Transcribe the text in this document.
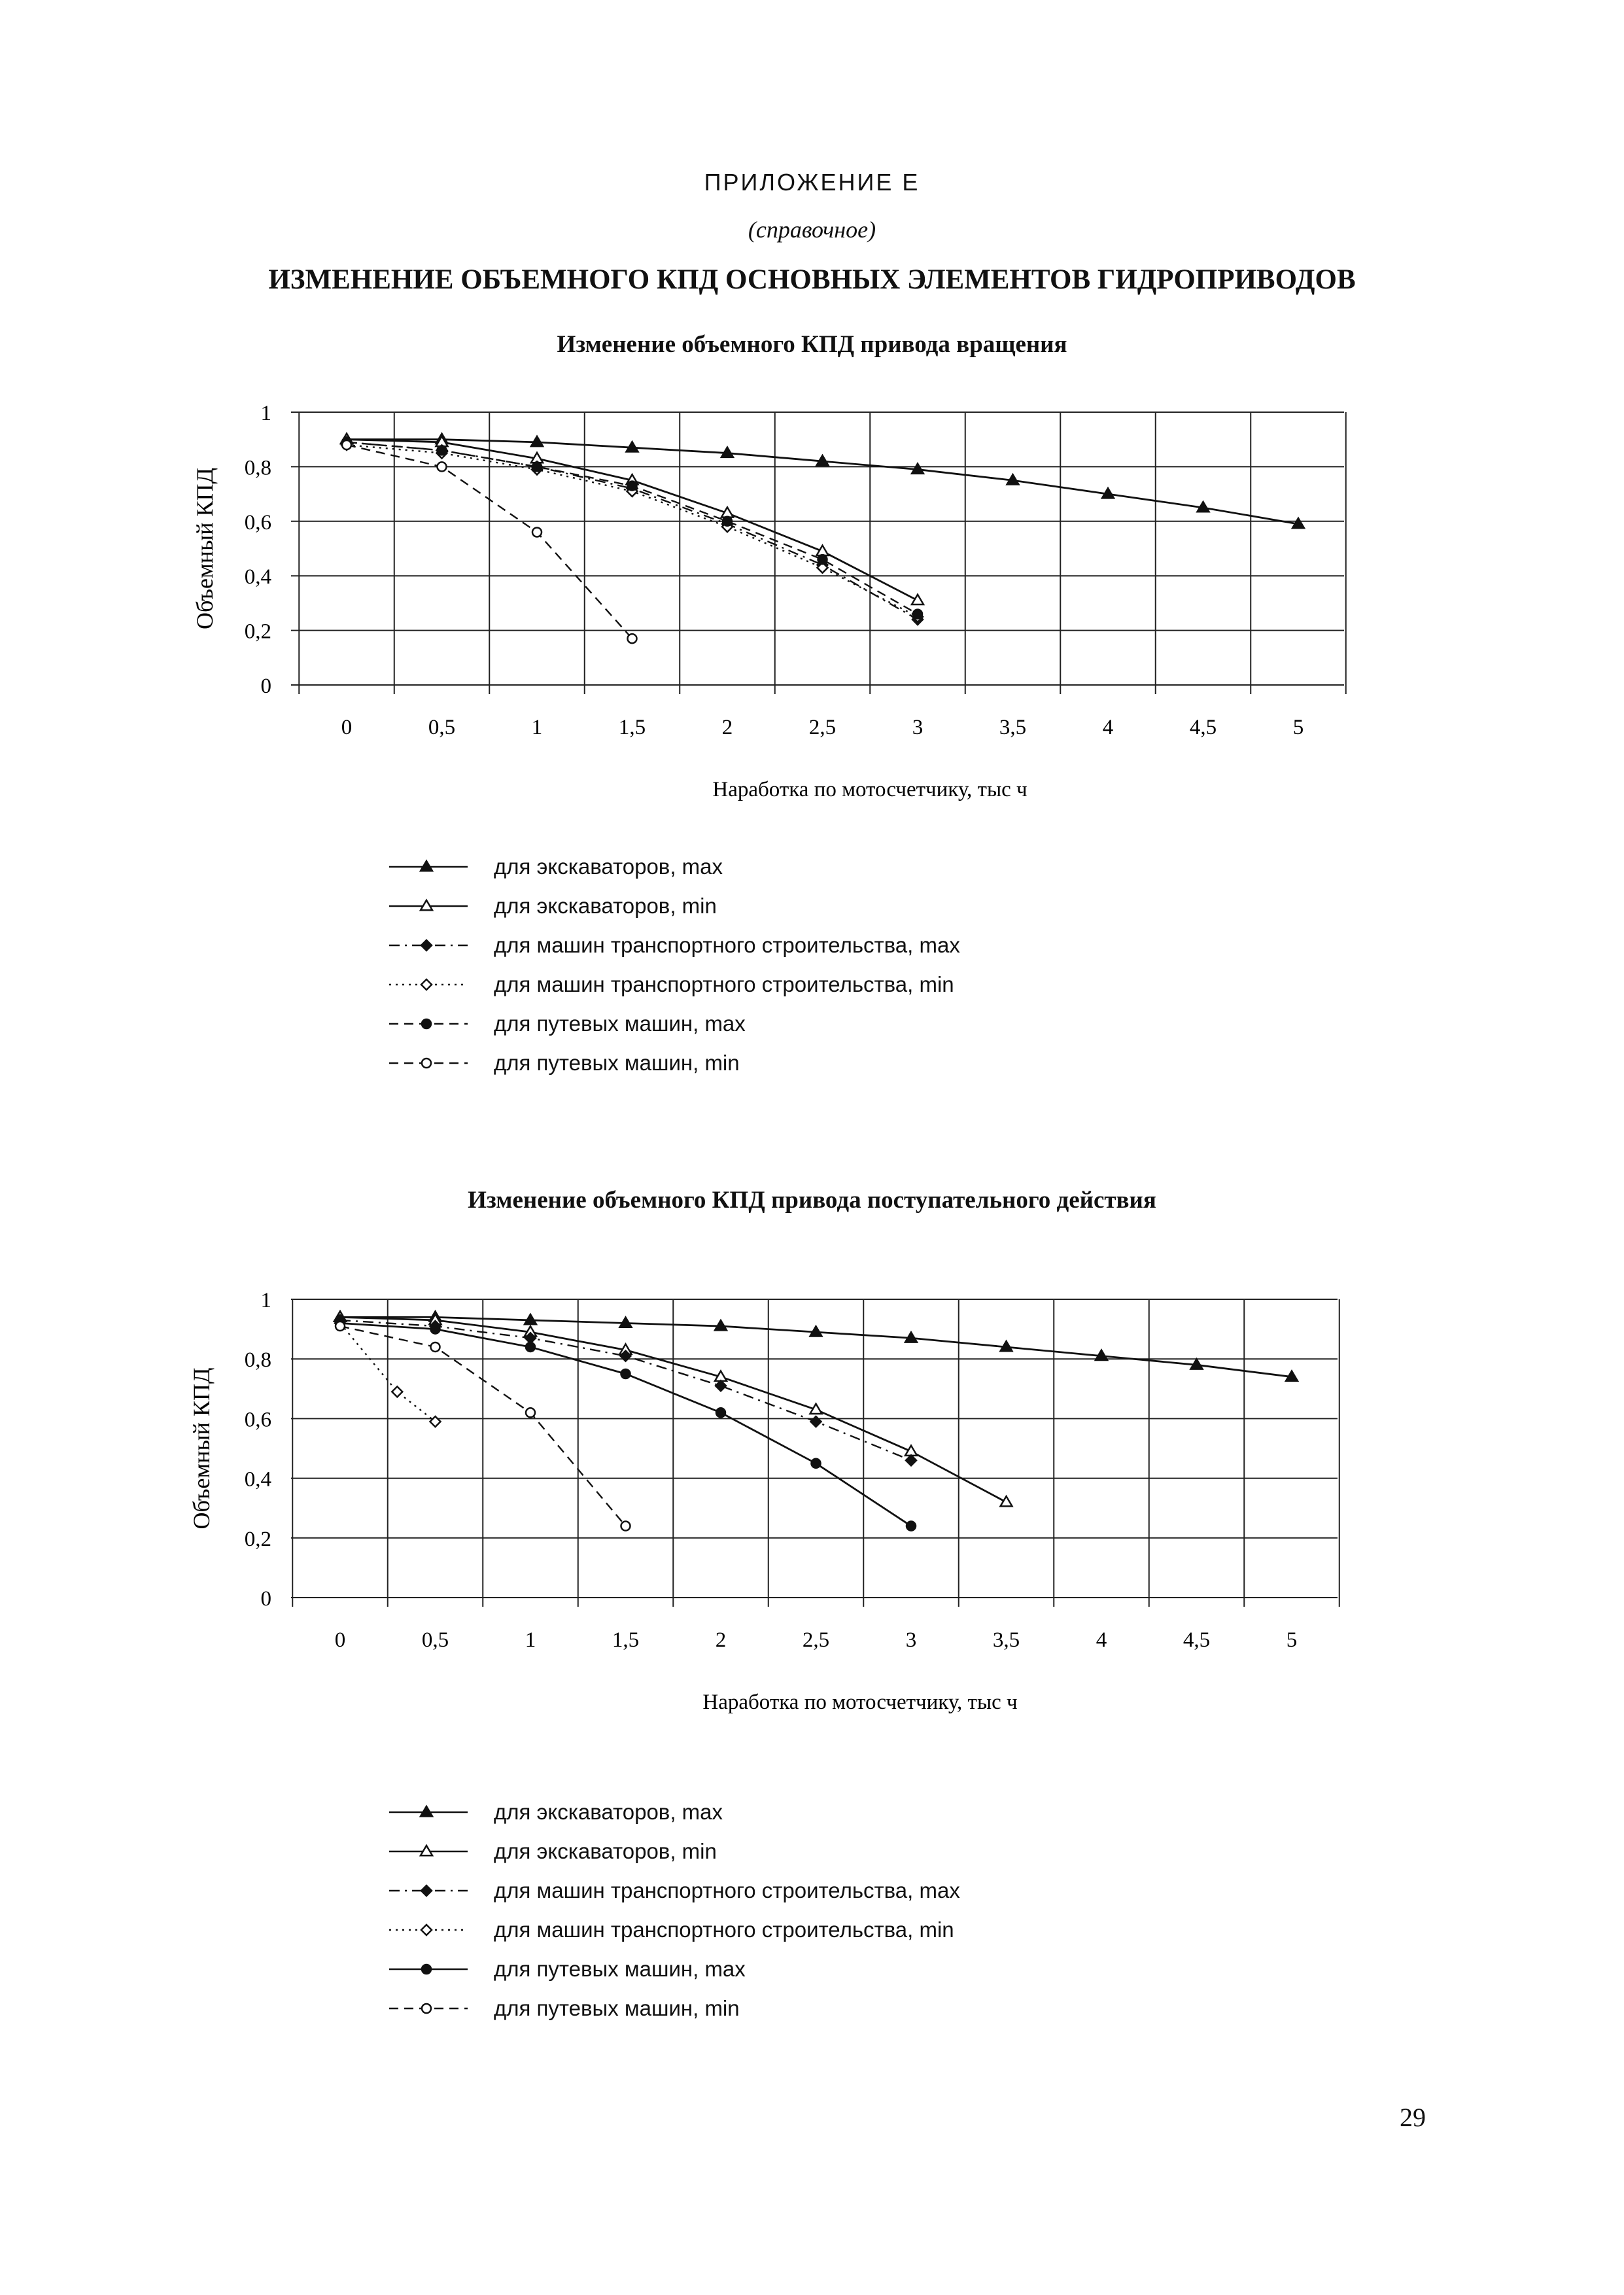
ПРИЛОЖЕНИЕ Е
(справочное)
ИЗМЕНЕНИЕ ОБЪЕМНОГО КПД ОСНОВНЫХ ЭЛЕМЕНТОВ ГИДРОПРИВОДОВ
Изменение объемного КПД привода вращения
0
0,2
0,4
0,6
0,8
1
0	0,5	1	1,5	2	2,5	3	3,5	4	4,5	5
Объемный КПД
Наработка по мотосчетчику, тыс ч
для экскаваторов, max
для экскаваторов, min
для машин транспортного строительства, max
для машин транспортного строительства, min
для путевых машин, max
для путевых машин, min
Изменение объемного КПД привода поступательного действия
0
0,2
0,4
0,6
0,8
1
0	0,5	1	1,5	2	2,5	3	3,5	4	4,5	5
Объемный КПД
Наработка по мотосчетчику, тыс ч
для экскаваторов, max
для экскаваторов, min
для машин транспортного строительства, max
для машин транспортного строительства, min
для путевых машин, max
для путевых машин, min
29
